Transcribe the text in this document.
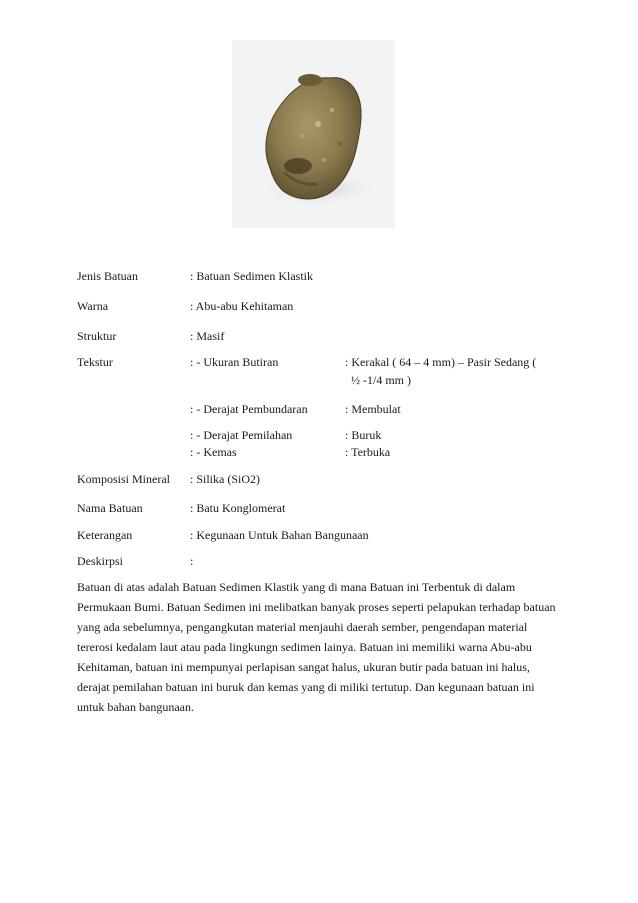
Jenis Batuan	: Batuan Sedimen Klastik
Warna	: Abu-abu Kehitaman
Struktur	: Masif
Tekstur	: - Ukuran Butiran	: Kerakal ( 64 – 4 mm) – Pasir Sedang (
½ -1/4 mm )
: - Derajat Pembundaran	: Membulat
: - Derajat Pemilahan	: Buruk
: - Kemas	: Terbuka
Komposisi Mineral : Silika (SiO2)
Nama Batuan	: Batu Konglomerat
Keterangan	: Kegunaan Untuk Bahan Bangunaan
Deskirpsi	:

Batuan di atas adalah Batuan Sedimen Klastik yang di mana Batuan ini Terbentuk di dalam Permukaan Bumi. Batuan Sedimen ini melibatkan banyak proses seperti pelapukan terhadap batuan yang ada sebelumnya, pengangkutan material menjauhi daerah sember, pengendapan material tererosi kedalam laut atau pada lingkungn sedimen lainya. Batuan ini memiliki warna Abu-abu Kehitaman, batuan ini mempunyai perlapisan sangat halus, ukuran butir pada batuan ini halus, derajat pemilahan batuan ini buruk dan kemas yang di miliki tertutup. Dan kegunaan batuan ini untuk bahan bangunaan.
